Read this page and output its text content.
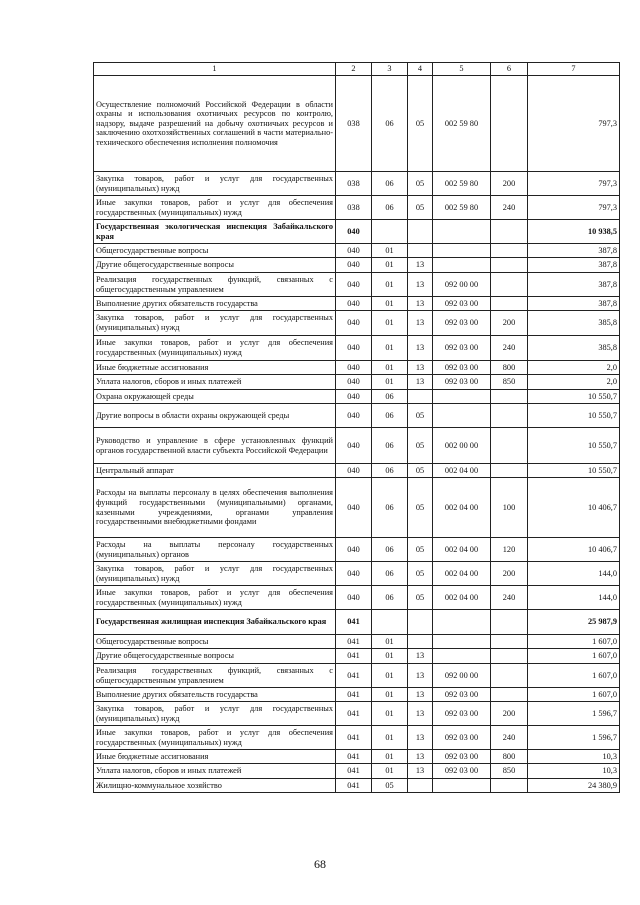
1	2	3	4	5	6	7
Осуществление полномочий Российской Федерации в области охраны и использования охотничьих ресурсов по контролю, надзору, выдаче разрешений на добычу охотничьих ресурсов и заключению охотхозяйственных соглашений в части материально-технического обеспечения исполнения полномочия	038	06	05	002 59 80		797,3
Закупка товаров, работ и услуг для государственных (муниципальных) нужд	038	06	05	002 59 80	200	797,3
Иные закупки товаров, работ и услуг для обеспечения государственных (муниципальных) нужд	038	06	05	002 59 80	240	797,3
Государственная экологическая инспекция Забайкальского края	040					10 938,5
Общегосударственные вопросы	040	01				387,8
Другие общегосударственные вопросы	040	01	13			387,8
Реализация государственных функций, связанных с общегосударственным управлением	040	01	13	092 00 00		387,8
Выполнение других обязательств государства	040	01	13	092 03 00		387,8
Закупка товаров, работ и услуг для государственных (муниципальных) нужд	040	01	13	092 03 00	200	385,8
Иные закупки товаров, работ и услуг для обеспечения государственных (муниципальных) нужд	040	01	13	092 03 00	240	385,8
Иные бюджетные ассигнования	040	01	13	092 03 00	800	2,0
Уплата налогов, сборов и иных платежей	040	01	13	092 03 00	850	2,0
Охрана окружающей среды	040	06				10 550,7
Другие вопросы в области охраны окружающей среды	040	06	05			10 550,7
Руководство и управление в сфере установленных функций органов государственной власти субъекта Российской Федерации	040	06	05	002 00 00		10 550,7
Центральный аппарат	040	06	05	002 04 00		10 550,7
Расходы на выплаты персоналу в целях обеспечения выполнения функций государственными (муниципальными) органами, казенными учреждениями, органами управления государственными внебюджетными фондами	040	06	05	002 04 00	100	10 406,7
Расходы на выплаты персоналу государственных (муниципальных) органов	040	06	05	002 04 00	120	10 406,7
Закупка товаров, работ и услуг для государственных (муниципальных) нужд	040	06	05	002 04 00	200	144,0
Иные закупки товаров, работ и услуг для обеспечения государственных (муниципальных) нужд	040	06	05	002 04 00	240	144,0
Государственная жилищная инспекция Забайкальского края	041					25 987,9
Общегосударственные вопросы	041	01				1 607,0
Другие общегосударственные вопросы	041	01	13			1 607,0
Реализация государственных функций, связанных с общегосударственным управлением	041	01	13	092 00 00		1 607,0
Выполнение других обязательств государства	041	01	13	092 03 00		1 607,0
Закупка товаров, работ и услуг для государственных (муниципальных) нужд	041	01	13	092 03 00	200	1 596,7
Иные закупки товаров, работ и услуг для обеспечения государственных (муниципальных) нужд	041	01	13	092 03 00	240	1 596,7
Иные бюджетные ассигнования	041	01	13	092 03 00	800	10,3
Уплата налогов, сборов и иных платежей	041	01	13	092 03 00	850	10,3
Жилищно-коммунальное хозяйство	041	05				24 380,9
68
